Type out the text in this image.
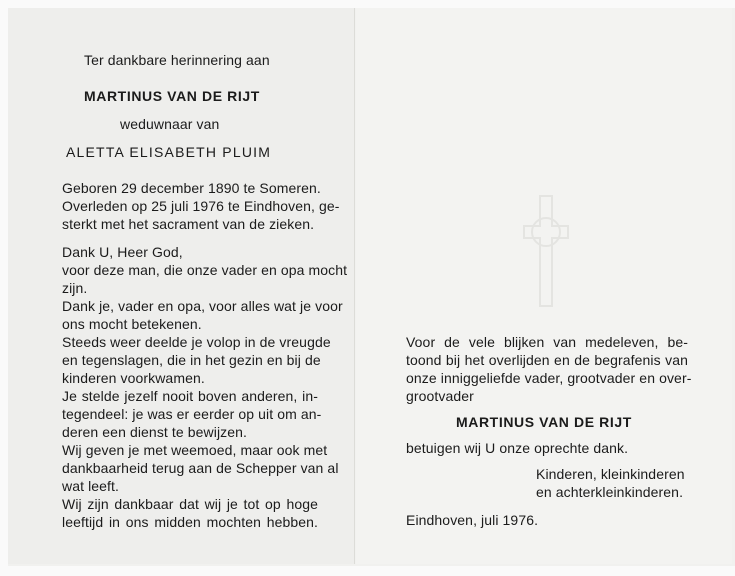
Ter dankbare herinnering aan
MARTINUS VAN DE RIJT
weduwnaar van
ALETTA ELISABETH PLUIM
Geboren 29 december 1890 te Someren.
Overleden op 25 juli 1976 te Eindhoven, ge-
sterkt met het sacrament van de zieken.
Dank U, Heer God,
voor deze man, die onze vader en opa mocht
zijn.
Dank je, vader en opa, voor alles wat je voor
ons mocht betekenen.
Steeds weer deelde je volop in de vreugde
en tegenslagen, die in het gezin en bij de
kinderen voorkwamen.
Je stelde jezelf nooit boven anderen, in-
tegendeel: je was er eerder op uit om an-
deren een dienst te bewijzen.
Wij geven je met weemoed, maar ook met
dankbaarheid terug aan de Schepper van al
wat leeft.
Wij zijn dankbaar dat wij je tot op hoge
leeftijd in ons midden mochten hebben.
Voor de vele blijken van medeleven, be-
toond bij het overlijden en de begrafenis van
onze inniggeliefde vader, grootvader en over-
grootvader
MARTINUS VAN DE RIJT
betuigen wij U onze oprechte dank.
Kinderen, kleinkinderen
en achterkleinkinderen.
Eindhoven, juli 1976.
